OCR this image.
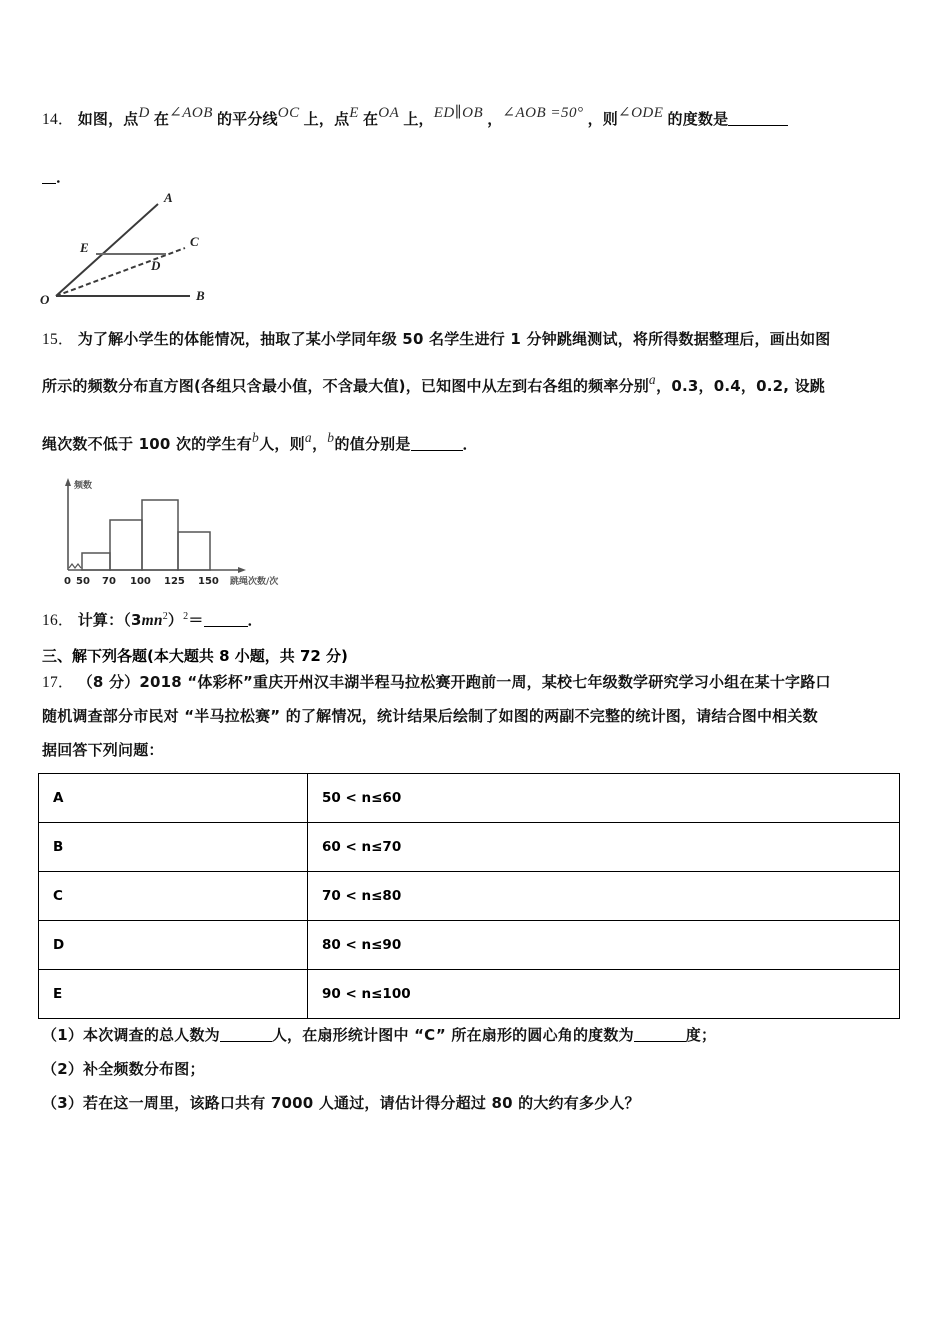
14． 如图，点D 在∠AOB 的平分线OC 上，点E 在OA 上，ED∥OB ，∠AOB =50° ，则∠ODE 的度数是
．
A
B
C
D
E
O
15． 为了解小学生的体能情况，抽取了某小学同年级 50 名学生进行 1 分钟跳绳测试，将所得数据整理后，画出如图
所示的频数分布直方图(各组只含最小值，不含最大值)，已知图中从左到右各组的频率分别a，0.3，0.4，0.2, 设跳
绳次数不低于 100 次的学生有b人，则a，b的值分别是	．
频数
0 50 70 100 125 150 跳绳次数/次
16． 计算：$(3mn^2)^2=$	．
三、解下列各题(本大题共 8 小题，共 72 分)
17． （8 分）2018 “体彩杯”重庆开州汉丰湖半程马拉松赛开跑前一周，某校七年级数学研究学习小组在某十字路口
随机调查部分市民对 “半马拉松赛” 的了解情况，统计结果后绘制了如图的两副不完整的统计图，请结合图中相关数
据回答下列问题：
A	50 < n≤60
B	60 < n≤70
C	70 < n≤80
D	80 < n≤90
E	90 < n≤100
（1）本次调查的总人数为	人，在扇形统计图中 “C” 所在扇形的圆心角的度数为	度；
（2）补全频数分布图；
（3）若在这一周里，该路口共有 7000 人通过，请估计得分超过 80 的大约有多少人？
